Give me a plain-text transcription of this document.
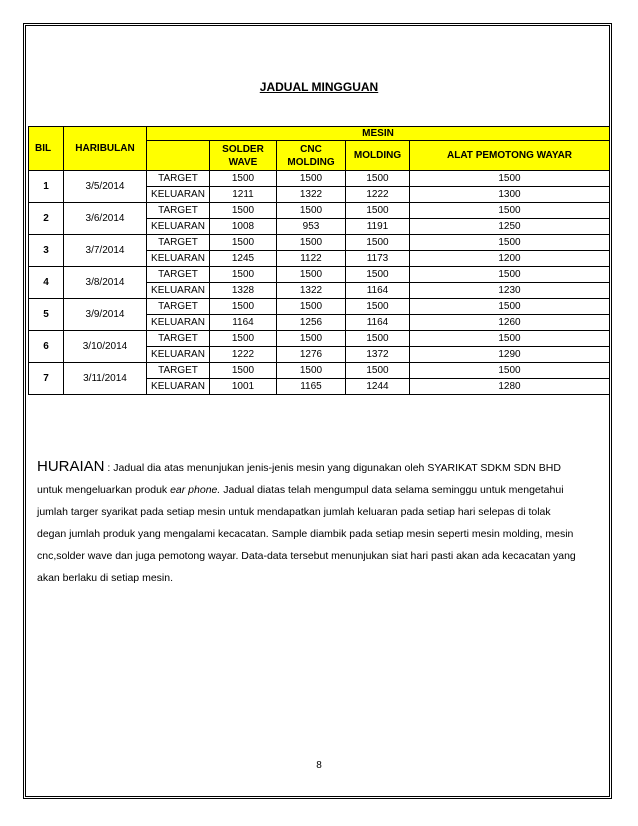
JADUAL MINGGUAN
BIL	HARIBULAN	MESIN				
			SOLDER WAVE	CNC MOLDING	MOLDING	ALAT PEMOTONG WAYAR
1	3/5/2014	TARGET	1500	1500	1500	1500
		KELUARAN	1211	1322	1222	1300
2	3/6/2014	TARGET	1500	1500	1500	1500
		KELUARAN	1008	953	1191	1250
3	3/7/2014	TARGET	1500	1500	1500	1500
		KELUARAN	1245	1122	1173	1200
4	3/8/2014	TARGET	1500	1500	1500	1500
		KELUARAN	1328	1322	1164	1230
5	3/9/2014	TARGET	1500	1500	1500	1500
		KELUARAN	1164	1256	1164	1260
6	3/10/2014	TARGET	1500	1500	1500	1500
		KELUARAN	1222	1276	1372	1290
7	3/11/2014	TARGET	1500	1500	1500	1500
		KELUARAN	1001	1165	1244	1280
HURAIAN : Jadual dia atas menunjukan jenis-jenis mesin yang digunakan oleh SYARIKAT SDKM SDN BHD untuk mengeluarkan produk ear phone. Jadual diatas telah mengumpul data selama seminggu untuk mengetahui jumlah targer syarikat pada setiap mesin untuk mendapatkan jumlah keluaran pada setiap hari selepas di tolak degan jumlah produk yang mengalami kecacatan. Sample diambik pada setiap mesin seperti mesin molding, mesin cnc,solder wave dan juga pemotong wayar. Data-data tersebut menunjukan siat hari pasti akan ada kecacatan yang akan berlaku di setiap mesin.
8
